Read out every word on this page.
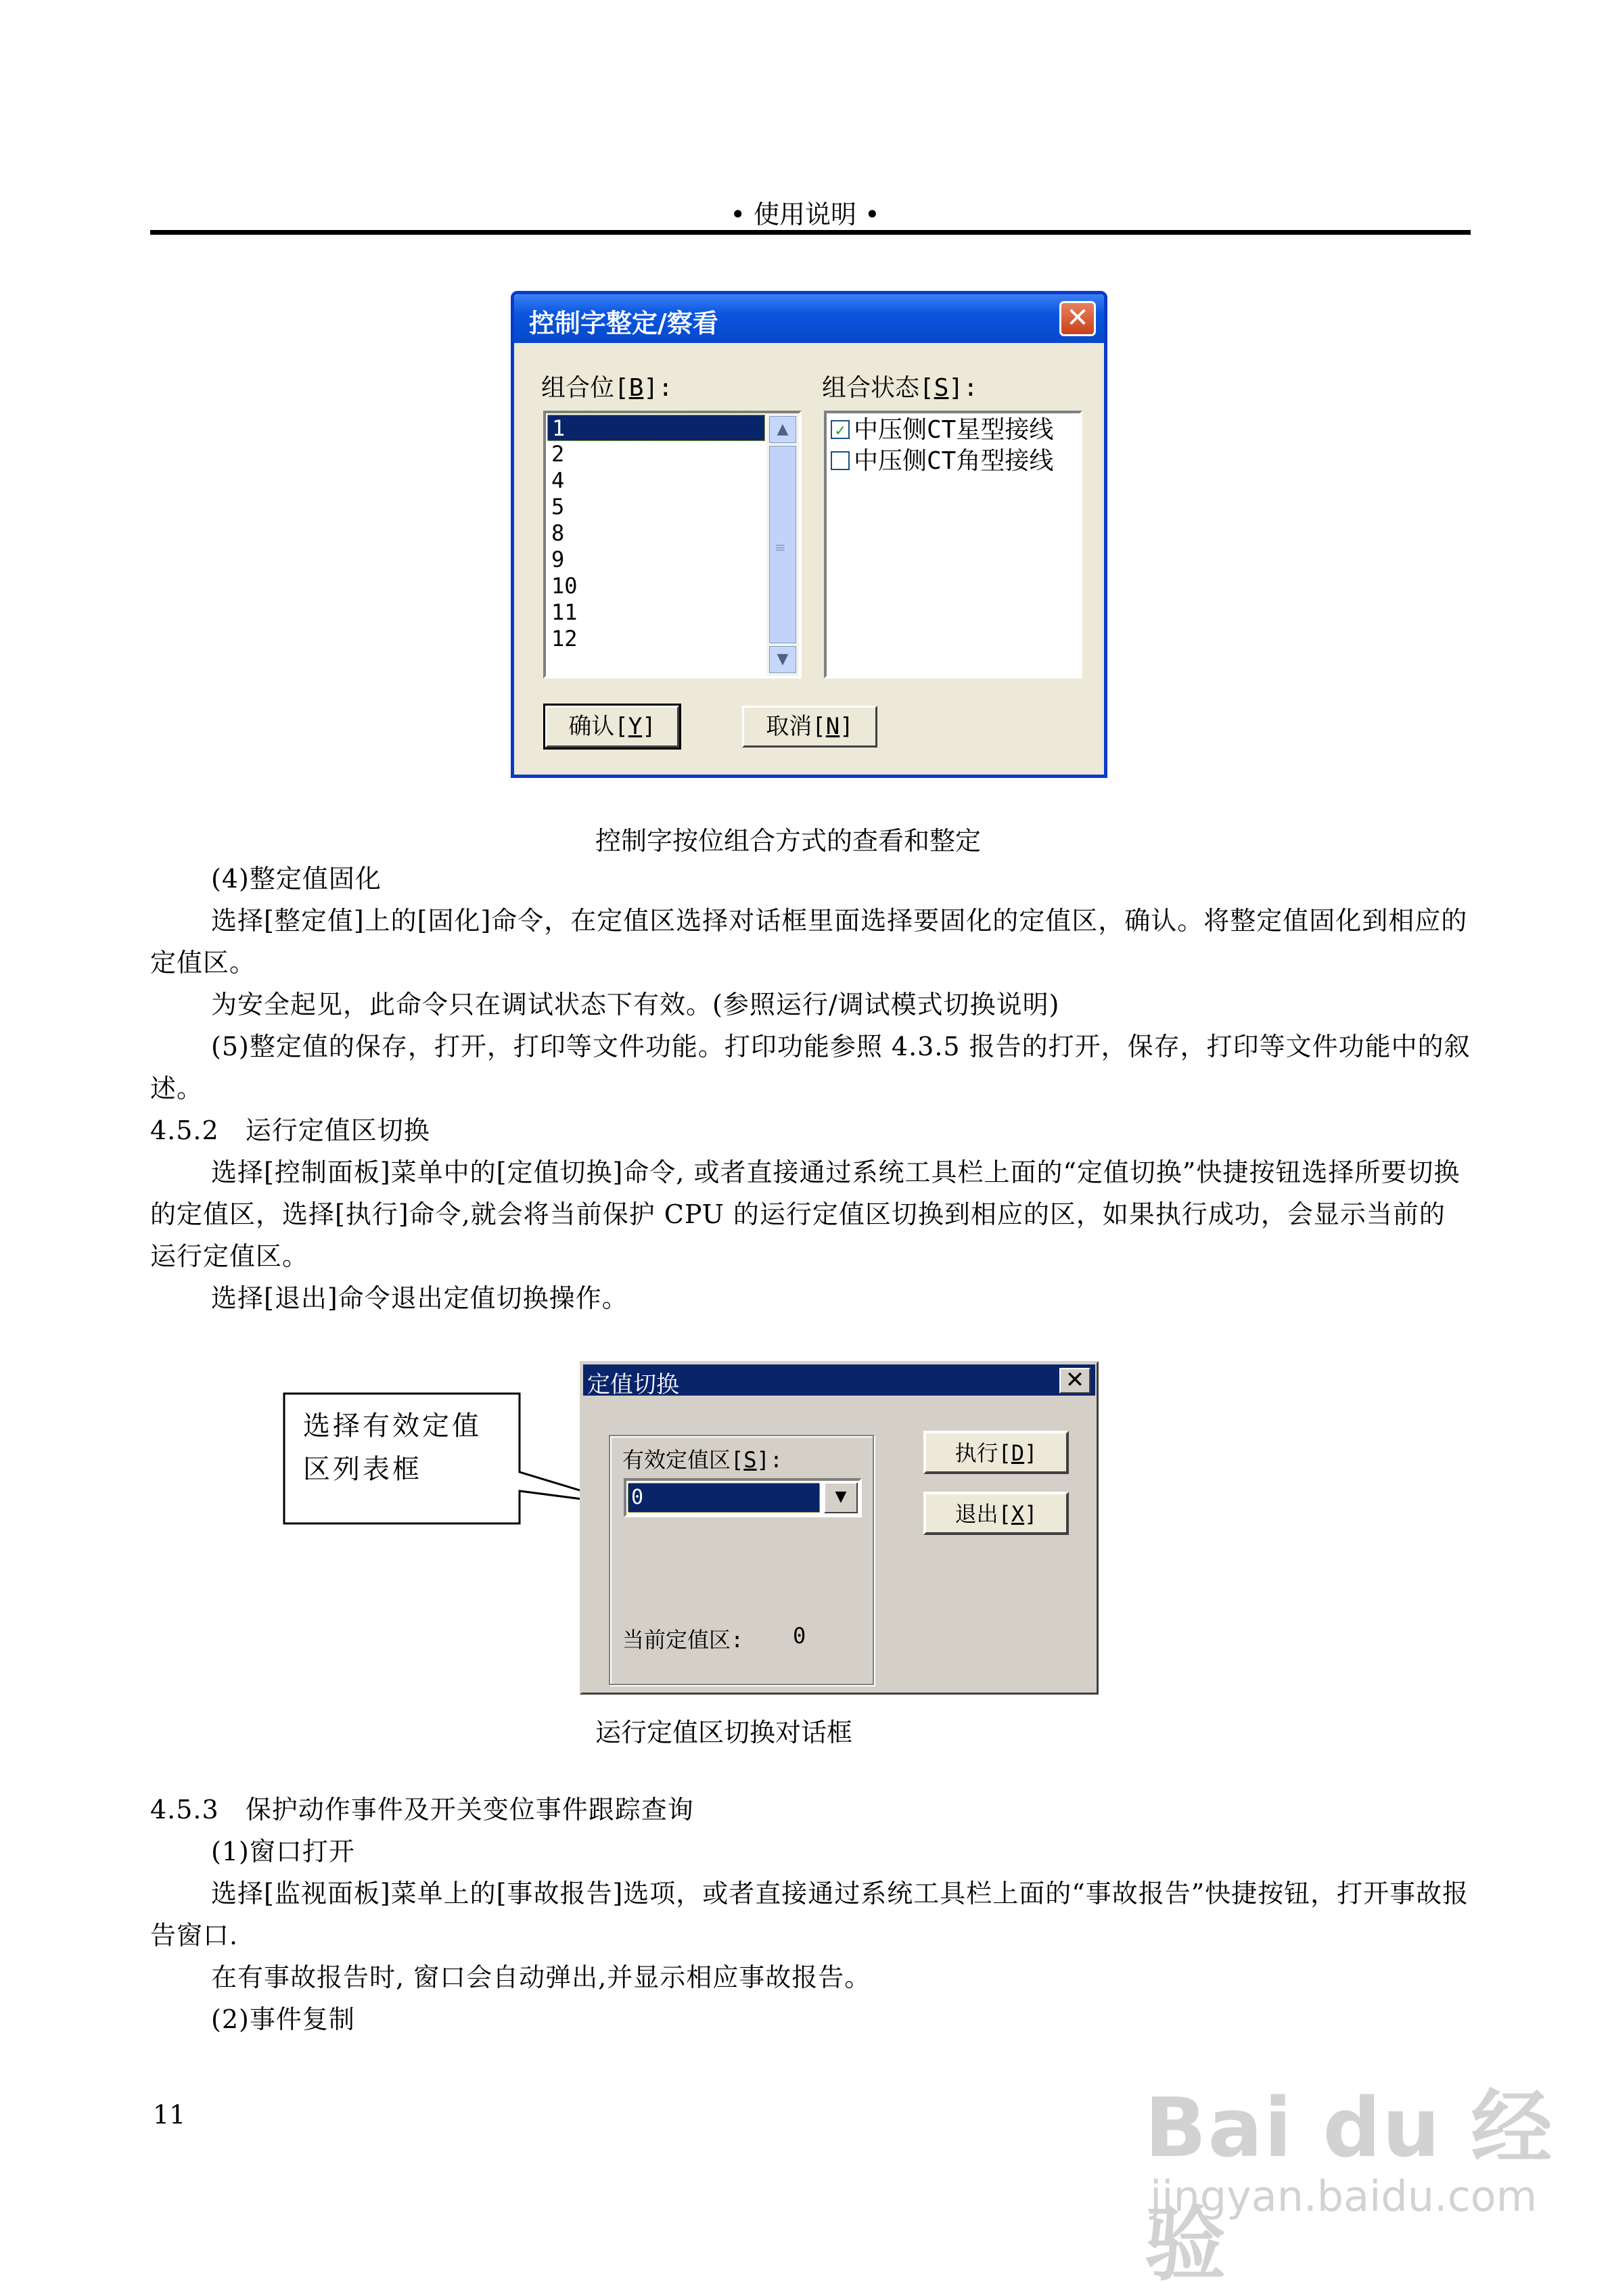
• 使用说明 •
控制字整定/察看	✕
组合位[B]:	组合状态[S]:
1
2
4
5
8
9
10
11
12
▲
≡
▼
✓ 中压侧CT星型接线
中压侧CT角型接线
确认[Y]	取消[N]
控制字按位组合方式的查看和整定
(4)整定值固化
选择[整定值]上的[固化]命令，在定值区选择对话框里面选择要固化的定值区，确认。将整定值固化到相应的定值区。
为安全起见，此命令只在调试状态下有效。(参照运行/调试模式切换说明)
(5)整定值的保存，打开，打印等文件功能。打印功能参照 4.3.5 报告的打开，保存，打印等文件功能中的叙述。
4.5.2　运行定值区切换
选择[控制面板]菜单中的[定值切换]命令, 或者直接通过系统工具栏上面的“定值切换”快捷按钮选择所要切换的定值区，选择[执行]命令,就会将当前保护 CPU 的运行定值区切换到相应的区，如果执行成功，会显示当前的运行定值区。
选择[退出]命令退出定值切换操作。
选择有效定值
区列表框
定值切换	✕
有效定值区[S]:
0	▼
当前定值区: 0
执行[D]
退出[X]
运行定值区切换对话框
4.5.3　保护动作事件及开关变位事件跟踪查询
(1)窗口打开
选择[监视面板]菜单上的[事故报告]选项，或者直接通过系统工具栏上面的“事故报告”快捷按钮，打开事故报告窗口.
在有事故报告时, 窗口会自动弹出,并显示相应事故报告。
(2)事件复制
11	Bai du 经验
jingyan.baidu.com
